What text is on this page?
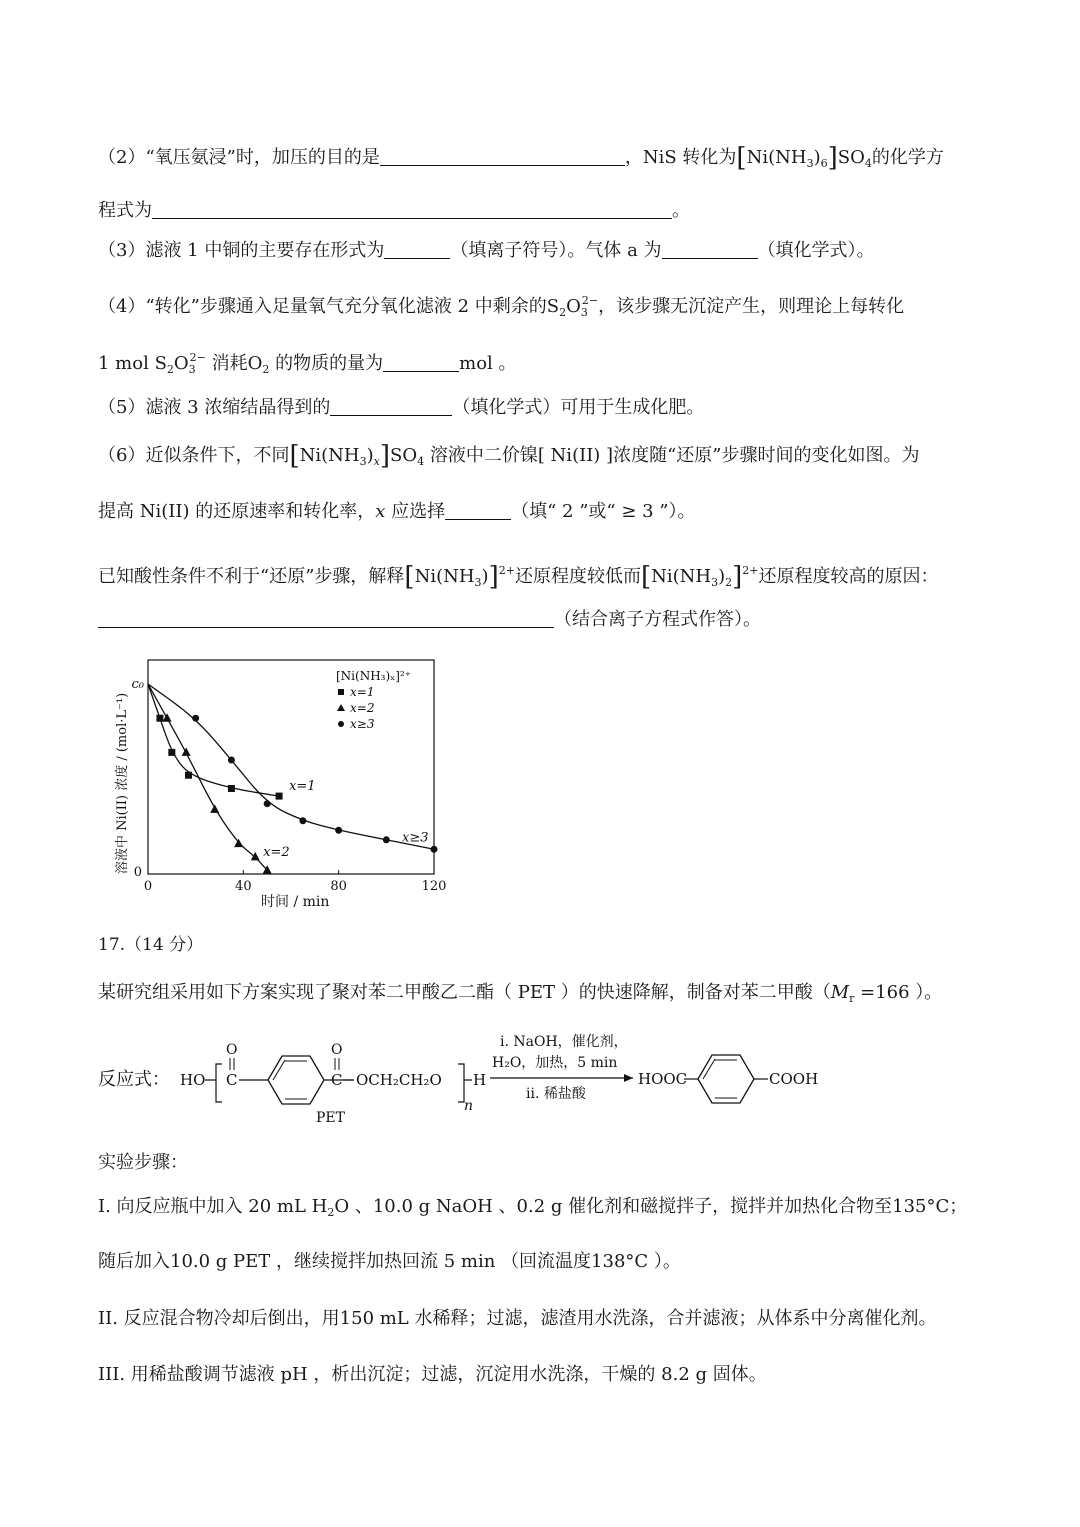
（2）“氧压氨浸”时，加压的目的是	，NiS 转化为$[Ni(NH_3)_6]SO_4$的化学方
程式为	。
（3）滤液 1 中铜的主要存在形式为	（填离子符号）。气体 a 为	（填化学式）。
（4）“转化”步骤通入足量氧气充分氧化滤液 2 中剩余的$S_2O_3^{2-}$，该步骤无沉淀产生，则理论上每转化
1 mol $S_2O_3^{2-}$ 消耗$O_2$ 的物质的量为	mol 。
（5）滤液 3 浓缩结晶得到的	（填化学式）可用于生成化肥。
（6）近似条件下，不同$[Ni(NH_3)_x]SO_4$ 溶液中二价镍[ Ni(II) ]浓度随“还原”步骤时间的变化如图。为
提高 Ni(II) 的还原速率和转化率，x 应选择	（填“ 2 ”或“ ≥ 3 ”）。
已知酸性条件不利于“还原”步骤，解释$[Ni(NH_3)]^{2+}$还原程度较低而$[Ni(NH_3)_2]^{2+}$还原程度较高的原因：
（结合离子方程式作答）。
0	40	80	120
0
c₀
时间 / min
溶液中 Ni(II) 浓度 / (mol·L⁻¹)	x=1
x=2
x≥3
[Ni(NH₃)ₓ]²⁺
x=1
x=2
x≥3
17.（14 分）
某研究组采用如下方案实现了聚对苯二甲酸乙二酯（ PET ）的快速降解，制备对苯二甲酸（$M_r =166$ ）。
反应式： HO
O
C
O
C OCH₂CH₂O
n
H
PET
i. NaOH，催化剂，
H₂O，加热，5 min
ii. 稀盐酸
HOOC	COOH
实验步骤：
I. 向反应瓶中加入 20 mL $H_2O$ 、10.0 g NaOH 、0.2 g 催化剂和磁搅拌子，搅拌并加热化合物至135°C；
随后加入10.0 g PET ，继续搅拌加热回流 5 min （回流温度138°C ）。
II. 反应混合物冷却后倒出，用150 mL 水稀释；过滤，滤渣用水洗涤，合并滤液；从体系中分离催化剂。
III. 用稀盐酸调节滤液 pH ，析出沉淀；过滤，沉淀用水洗涤，干燥的 8.2 g 固体。
